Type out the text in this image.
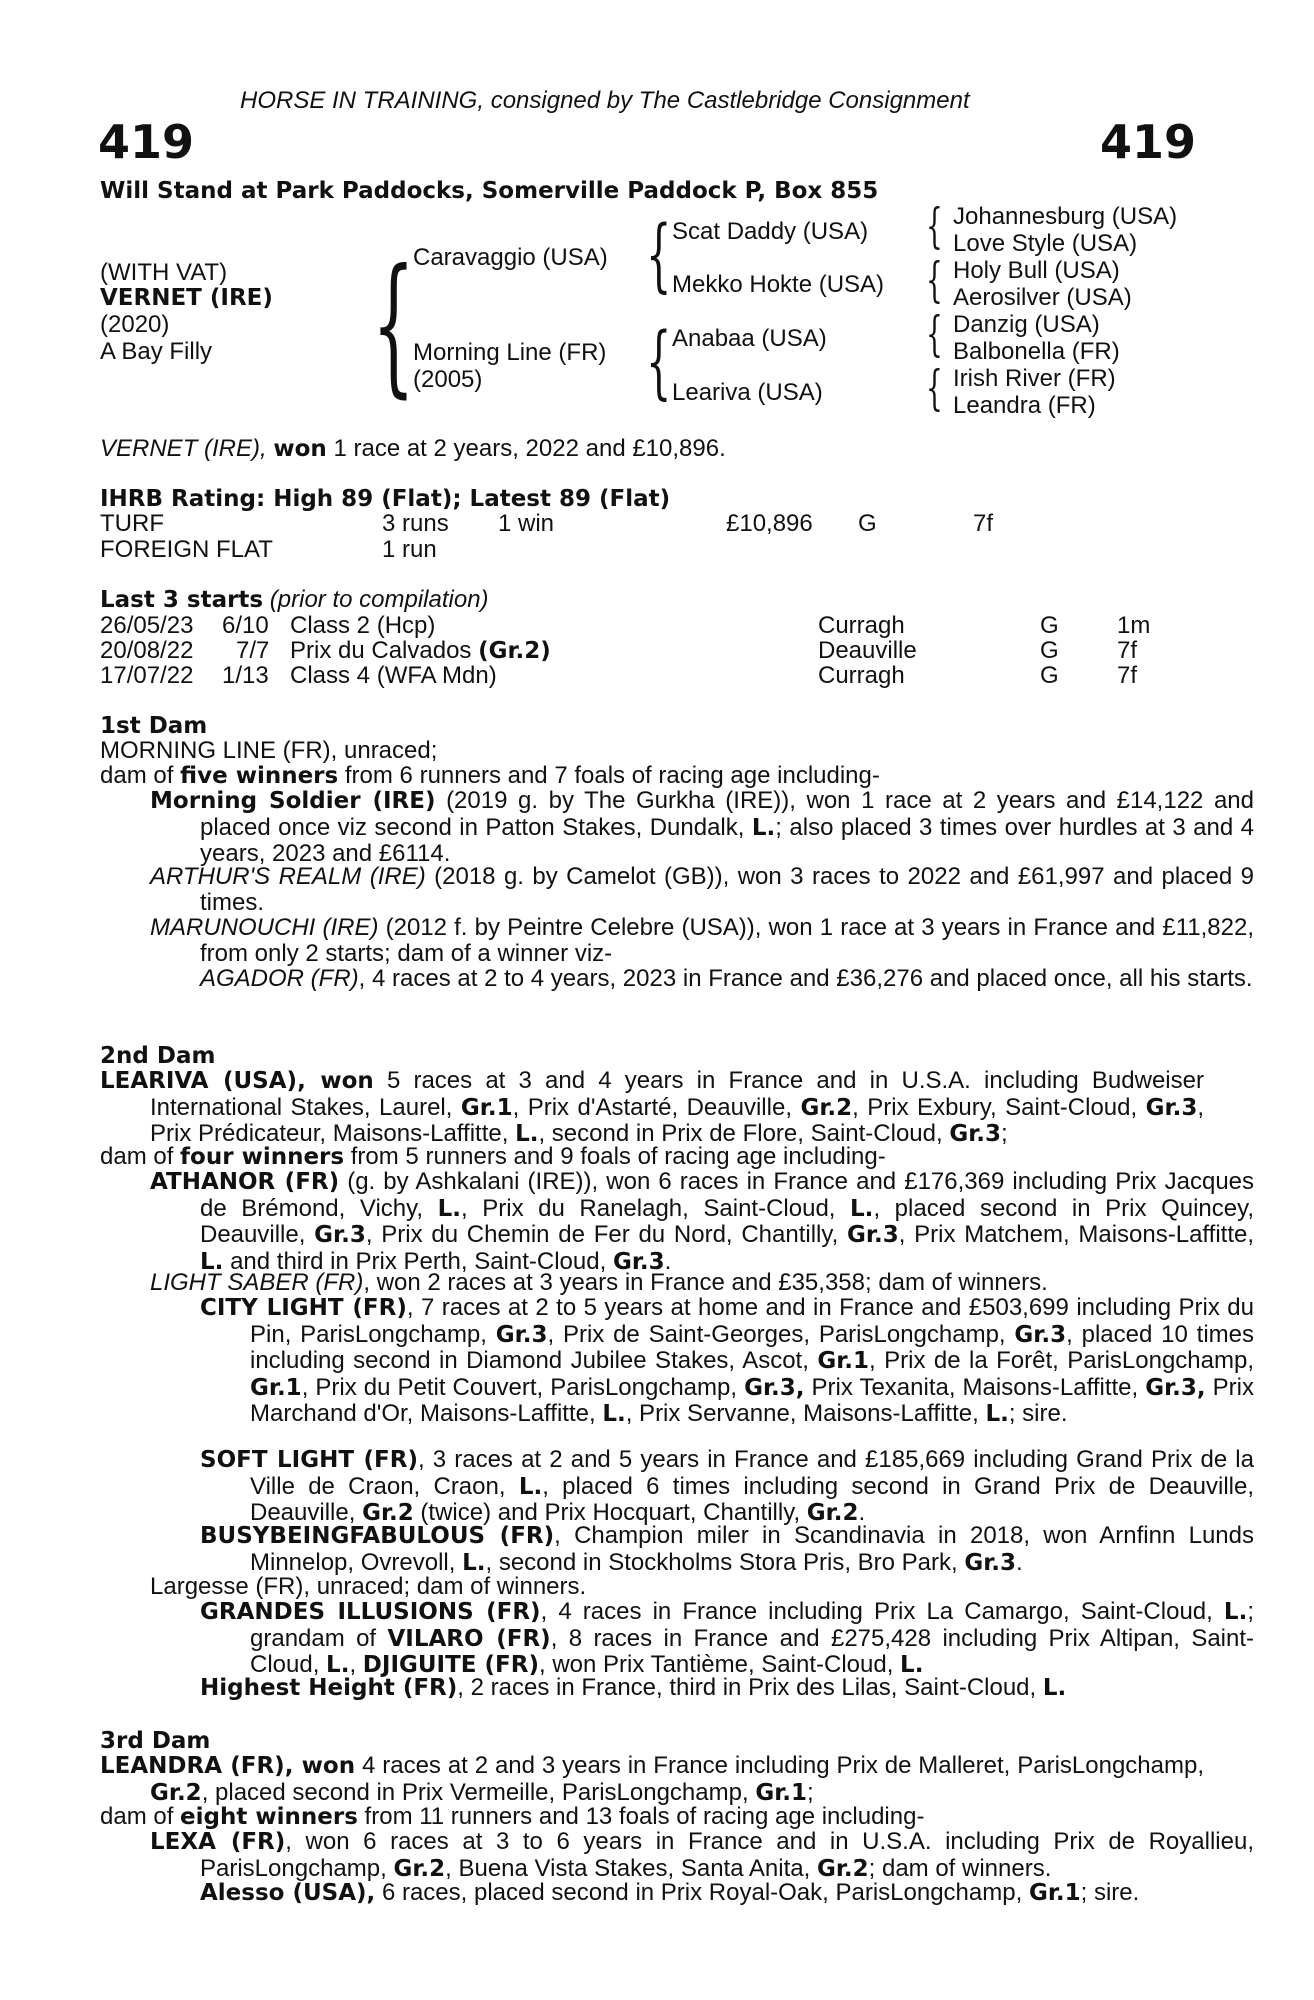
HORSE IN TRAINING, consigned by The Castlebridge Consignment
419	419
Will Stand at Park Paddocks, Somerville Paddock P, Box 855
(WITH VAT)
VERNET (IRE)
(2020)
A Bay Filly {
Caravaggio (USA)
Morning Line (FR)
(2005)
{
{
Scat Daddy (USA)
Mekko Hokte (USA)
Anabaa (USA)
Leariva (USA)
{
{
{
{
Johannesburg (USA)
Love Style (USA)
Holy Bull (USA)
Aerosilver (USA)
Danzig (USA)
Balbonella (FR)
Irish River (FR)
Leandra (FR)
VERNET (IRE), won 1 race at 2 years, 2022 and £10,896.
IHRB Rating: High 89 (Flat); Latest 89 (Flat)
TURF	3 runs 1 win	£10,896 G	7f
FOREIGN FLAT	1 run
Last 3 starts (prior to compilation)
26/05/23 6/10 Class 2 (Hcp)	Curragh	G 1m
20/08/22 7/7 Prix du Calvados (Gr.2)	Deauville	G 7f
17/07/22 1/13 Class 4 (WFA Mdn)	Curragh	G 7f
1st Dam

MORNING LINE (FR), unraced;

dam of five winners from 6 runners and 7 foals of racing age including-

Morning Soldier (IRE) (2019 g. by The Gurkha (IRE)), won 1 race at 2 years and £14,122 and placed once viz second in Patton Stakes, Dundalk, L.; also placed 3 times over hurdles at 3 and 4 years, 2023 and £6114.

ARTHUR'S REALM (IRE) (2018 g. by Camelot (GB)), won 3 races to 2022 and £61,997 and placed 9 times.

MARUNOUCHI (IRE) (2012 f. by Peintre Celebre (USA)), won 1 race at 3 years in France and £11,822, from only 2 starts; dam of a winner viz-

AGADOR (FR), 4 races at 2 to 4 years, 2023 in France and £36,276 and placed once, all his starts.

2nd Dam

LEARIVA (USA), won 5 races at 3 and 4 years in France and in U.S.A. including Budweiser International Stakes, Laurel, Gr.1, Prix d'Astarté, Deauville, Gr.2, Prix Exbury, Saint-Cloud, Gr.3, Prix Prédicateur, Maisons-Laffitte, L., second in Prix de Flore, Saint-Cloud, Gr.3;

dam of four winners from 5 runners and 9 foals of racing age including-

ATHANOR (FR) (g. by Ashkalani (IRE)), won 6 races in France and £176,369 including Prix Jacques de Brémond, Vichy, L., Prix du Ranelagh, Saint-Cloud, L., placed second in Prix Quincey, Deauville, Gr.3, Prix du Chemin de Fer du Nord, Chantilly, Gr.3, Prix Matchem, Maisons-Laffitte, L. and third in Prix Perth, Saint-Cloud, Gr.3.

LIGHT SABER (FR), won 2 races at 3 years in France and £35,358; dam of winners.

CITY LIGHT (FR), 7 races at 2 to 5 years at home and in France and £503,699 including Prix du Pin, ParisLongchamp, Gr.3, Prix de Saint-Georges, ParisLongchamp, Gr.3, placed 10 times including second in Diamond Jubilee Stakes, Ascot, Gr.1, Prix de la Forêt, ParisLongchamp, Gr.1, Prix du Petit Couvert, ParisLongchamp, Gr.3, Prix Texanita, Maisons-Laffitte, Gr.3, Prix Marchand d'Or, Maisons-Laffitte, L., Prix Servanne, Maisons-Laffitte, L.; sire.

SOFT LIGHT (FR), 3 races at 2 and 5 years in France and £185,669 including Grand Prix de la Ville de Craon, Craon, L., placed 6 times including second in Grand Prix de Deauville, Deauville, Gr.2 (twice) and Prix Hocquart, Chantilly, Gr.2.

BUSYBEINGFABULOUS (FR), Champion miler in Scandinavia in 2018, won Arnfinn Lunds Minnelop, Ovrevoll, L., second in Stockholms Stora Pris, Bro Park, Gr.3.

Largesse (FR), unraced; dam of winners.

GRANDES ILLUSIONS (FR), 4 races in France including Prix La Camargo, Saint-Cloud, L.; grandam of VILARO (FR), 8 races in France and £275,428 including Prix Altipan, Saint-Cloud, L., DJIGUITE (FR), won Prix Tantième, Saint-Cloud, L.

Highest Height (FR), 2 races in France, third in Prix des Lilas, Saint-Cloud, L.

3rd Dam

LEANDRA (FR), won 4 races at 2 and 3 years in France including Prix de Malleret, ParisLongchamp, Gr.2, placed second in Prix Vermeille, ParisLongchamp, Gr.1;

dam of eight winners from 11 runners and 13 foals of racing age including-

LEXA (FR), won 6 races at 3 to 6 years in France and in U.S.A. including Prix de Royallieu, ParisLongchamp, Gr.2, Buena Vista Stakes, Santa Anita, Gr.2; dam of winners.

Alesso (USA), 6 races, placed second in Prix Royal-Oak, ParisLongchamp, Gr.1; sire.
